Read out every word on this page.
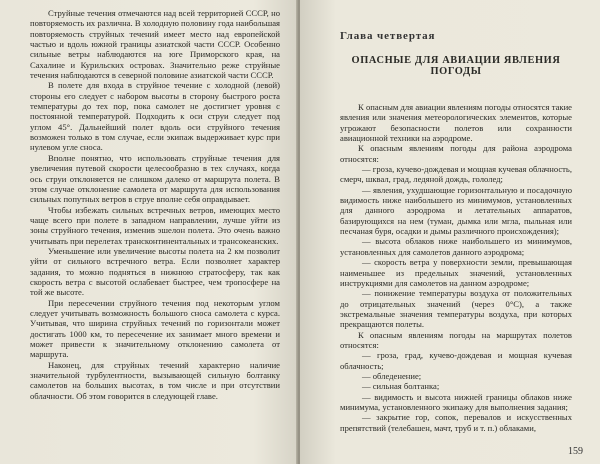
Струйные течения отмечаются над всей территорией СССР, но повторяемость их различна. В холодную половину года наибольшая повторяемость струйных течений имеет место над европейской частью и вдоль южной границы азиатской части СССР. Особенно сильные ветры наблюдаются на юге Приморского края, на Сахалине и Курильских островах. Значительно реже струйные течения наблюдаются в северной половине азиатской части СССР.

В полете для входа в струйное течение с холодной (левой) стороны его следует с набором высоты в сторону быстрого роста температуры до тех пор, пока самолет не достигнет уровня с постоянной температурой. Подходить к оси струи следует под углом 45°. Дальнейший полет вдоль оси струйного течения возможен только в том случае, если экипаж выдерживает курс при нулевом угле сноса.

Вполне понятно, что использовать струйные течения для увеличения путевой скорости целесообразно в тех случаях, когда ось струи отклоняется не слишком далеко от маршрута полета. В этом случае отклонение самолета от маршрута для использования сильных попутных ветров в струе вполне себя оправдывает.

Чтобы избежать сильных встречных ветров, имеющих место чаще всего при полете в западном направлении, лучше уйти из зоны струйного течения, изменив эшелон полета. Это очень важно учитывать при перелетах трансконтинентальных и трансокеанских.

Уменьшение или увеличение высоты полета на 2 км позволит уйти от сильного встречного ветра. Если позволяет характер задания, то можно подняться в нижнюю стратосферу, так как скорость ветра с высотой ослабевает быстрее, чем тропосфере на той же высоте.

При пересечении струйного течения под некоторым углом следует учитывать возможность большого сноса самолета с курса. Учитывая, что ширина струйных течений по горизонтали может достигать 1000 км, то пересечение их занимает много времени и может привести к значительному отклонению самолета от маршрута.

Наконец, для струйных течений характерно наличие значительной турбулентности, вызывающей сильную болтанку самолетов на больших высотах, в том числе и при отсутствии облачности. Об этом говорится в следующей главе.

Глава четвертая
ОПАСНЫЕ ДЛЯ АВИАЦИИ ЯВЛЕНИЯ ПОГОДЫ

К опасным для авиации явлениям погоды относятся такие явления или значения метеорологических элементов, которые угрожают безопасности полетов или сохранности авиационной техники на аэродроме.

К опасным явлениям погоды для района аэродрома относятся:

— гроза, кучево-дождевая и мощная кучевая облачность, смерч, шквал, град, ледяной дождь, гололед;

— явления, ухудшающие горизонтальную и посадочную видимость ниже наибольшего из минимумов, установленных для данного аэродрома и летательных аппаратов, базирующихся на нем (туман, дымка или мгла, пыльная или песчаная буря, осадки и дымы различного происхождения);

— высота облаков ниже наибольшего из минимумов, установленных для самолетов данного аэродрома;

— скорость ветра у поверхности земли, превышающая наименьшее из предельных значений, установленных инструкциями для самолетов на данном аэродроме;

— понижение температуры воздуха от положительных до отрицательных значений (через 0°C), а также экстремальные значения температуры воздуха, при которых прекращаются полеты.

К опасным явлениям погоды на маршрутах полетов относятся:

— гроза, град, кучево-дождевая и мощная кучевая облачность;

— обледенение;

— сильная болтанка;

— видимость и высота нижней границы облаков ниже минимума, установленного экипажу для выполнения задания;

— закрытие гор, сопок, перевалов и искусственных препятствий (телебашен, мачт, труб и т. п.) облаками,

159
